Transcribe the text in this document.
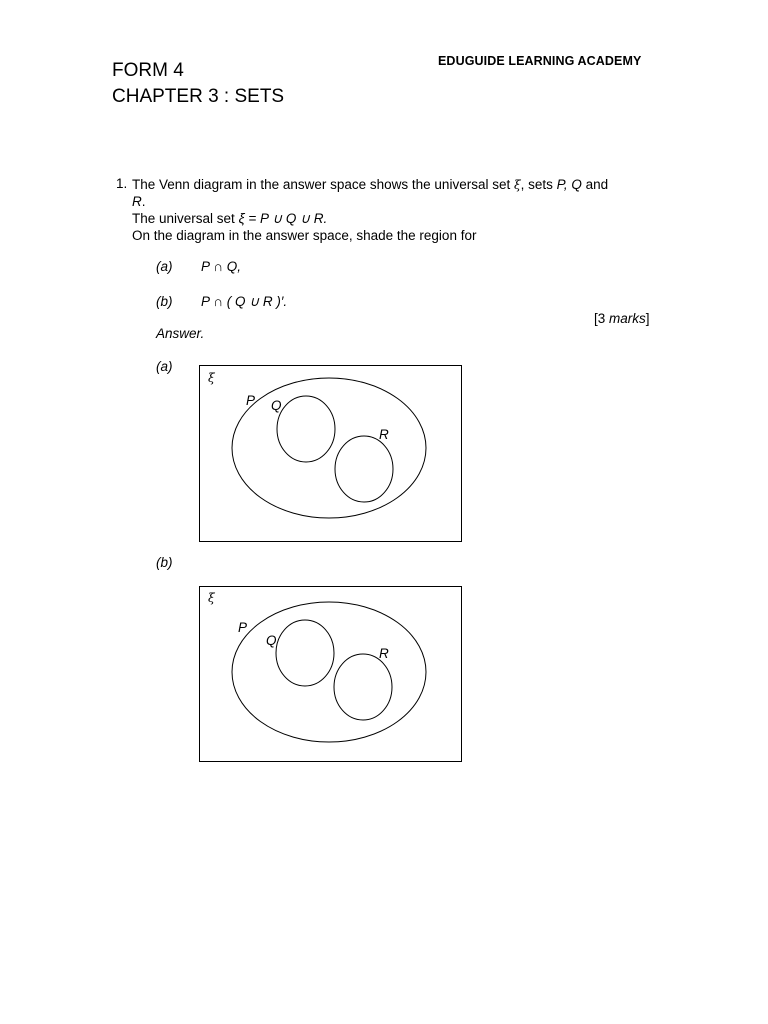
EDUGUIDE LEARNING ACADEMY
FORM 4
CHAPTER 3 : SETS
1. The Venn diagram in the answer space shows the universal set ξ, sets P, Q and
R.
The universal set ξ = P ∪ Q ∪ R.
On the diagram in the answer space, shade the region for
(a) P ∩ Q,
(b) P ∩ ( Q ∪ R )′.
[3 marks]
Answer.
(a)
ξ
P Q
R
(b)
ξ
P
Q
R
